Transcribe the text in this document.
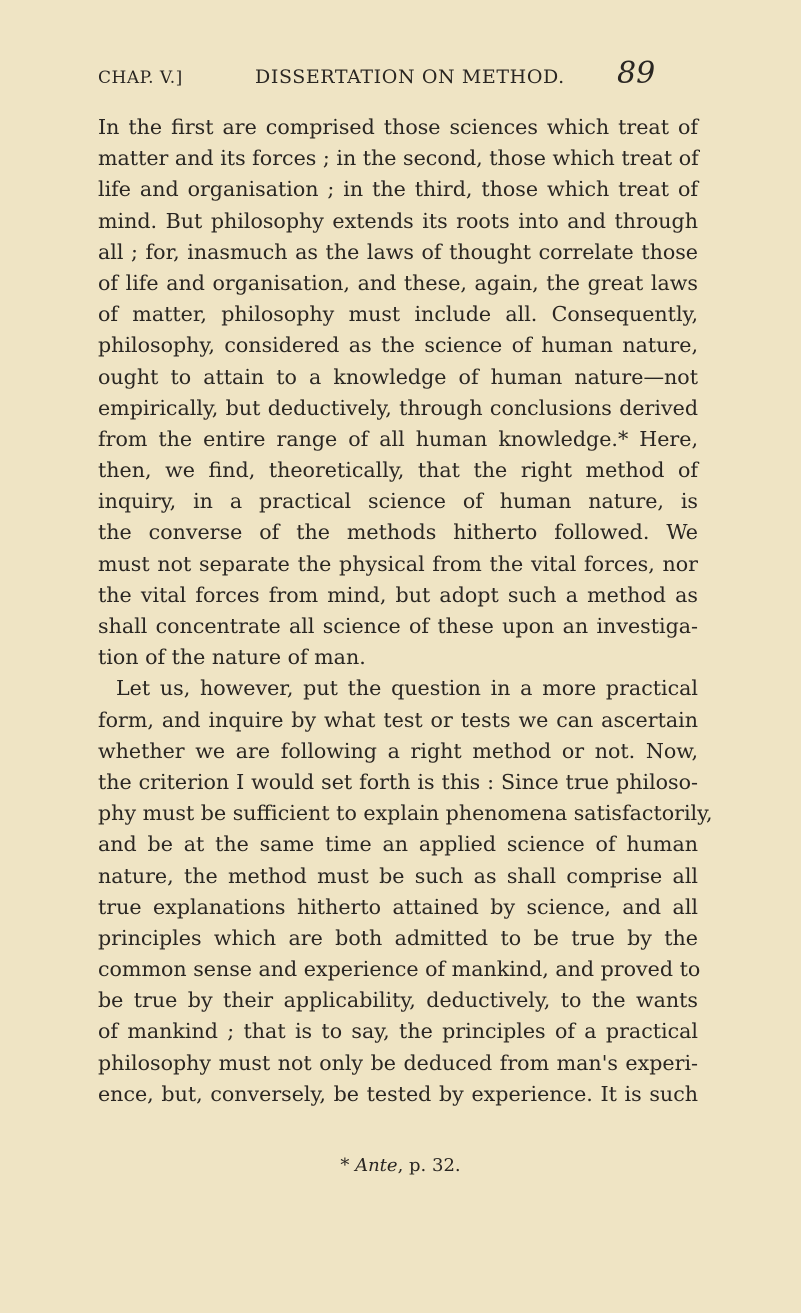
CHAP. V.]	DISSERTATION ON METHOD. 89
In the first are comprised those sciences which treat of
matter and its forces ; in the second, those which treat of
life and organisation ; in the third, those which treat of
mind. But philosophy extends its roots into and through
all ; for, inasmuch as the laws of thought correlate those
of life and organisation, and these, again, the great laws
of matter, philosophy must include all. Consequently,
philosophy, considered as the science of human nature,
ought to attain to a knowledge of human nature—not
empirically, but deductively, through conclusions derived
from the entire range of all human knowledge.* Here,
then, we find, theoretically, that the right method of
inquiry, in a practical science of human nature, is
the converse of the methods hitherto followed. We
must not separate the physical from the vital forces, nor
the vital forces from mind, but adopt such a method as
shall concentrate all science of these upon an investiga-
tion of the nature of man.
Let us, however, put the question in a more practical
form, and inquire by what test or tests we can ascertain
whether we are following a right method or not. Now,
the criterion I would set forth is this : Since true philoso-
phy must be sufficient to explain phenomena satisfactorily,
and be at the same time an applied science of human
nature, the method must be such as shall comprise all
true explanations hitherto attained by science, and all
principles which are both admitted to be true by the
common sense and experience of mankind, and proved to
be true by their applicability, deductively, to the wants
of mankind ; that is to say, the principles of a practical
philosophy must not only be deduced from man's experi-
ence, but, conversely, be tested by experience. It is such
* Ante, p. 32.
